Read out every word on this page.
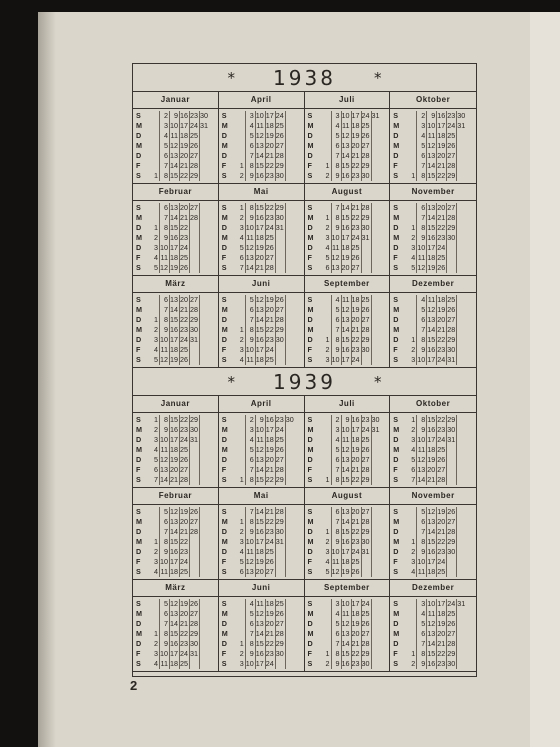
* 1938	*
Januar
S
M
D
M
D
F
S
2 9 16 23 30
3 10 17 24 31
4 11 18 25
5 12 19 26
6 13 20 27
7 14 21 28
1 8 15 22 29
April
S
M
D
M
D
F
S
3 10 17 24
4 11 18 25
5 12 19 26
6 13 20 27
7 14 21 28
1 8 15 22 29
2 9 16 23 30
Juli
S
M
D
M
D
F
S
3 10 17 24 31
4 11 18 25
5 12 19 26
6 13 20 27
7 14 21 28
1 8 15 22 29
2 9 16 23 30
Oktober
S
M
D
M
D
F
S
2 9 16 23 30
3 10 17 24 31
4 11 18 25
5 12 19 26
6 13 20 27
7 14 21 28
1 8 15 22 29
Februar
S
M
D
M
D
F
S
6 13 20 27
7 14 21 28
1 8 15 22
2 9 16 23
3 10 17 24
4 11 18 25
5 12 19 26
Mai
S
M
D
M
D
F
S
1 8 15 22 29
2 9 16 23 30
3 10 17 24 31
4 11 18 25
5 12 19 26
6 13 20 27
7 14 21 28
August
S
M
D
M
D
F
S
7 14 21 28
1 8 15 22 29
2 9 16 23 30
3 10 17 24 31
4 11 18 25
5 12 19 26
6 13 20 27
November
S
M
D
M
D
F
S
6 13 20 27
7 14 21 28
1 8 15 22 29
2 9 16 23 30
3 10 17 24
4 11 18 25
5 12 19 26
März
S
M
D
M
D
F
S
6 13 20 27
7 14 21 28
1 8 15 22 29
2 9 16 23 30
3 10 17 24 31
4 11 18 25
5 12 19 26
Juni
S
M
D
M
D
F
S
5 12 19 26
6 13 20 27
7 14 21 28
1 8 15 22 29
2 9 16 23 30
3 10 17 24
4 11 18 25
September
S
M
D
M
D
F
S
4 11 18 25
5 12 19 26
6 13 20 27
7 14 21 28
1 8 15 22 29
2 9 16 23 30
3 10 17 24
Dezember
S
M
D
M
D
F
S
4 11 18 25
5 12 19 26
6 13 20 27
7 14 21 28
1 8 15 22 29
2 9 16 23 30
3 10 17 24 31
* 1939	*
Januar
S
M
D
M
D
F
S
1 8 15 22 29
2 9 16 23 30
3 10 17 24 31
4 11 18 25
5 12 19 26
6 13 20 27
7 14 21 28
April
S
M
D
M
D
F
S
2 9 16 23 30
3 10 17 24
4 11 18 25
5 12 19 26
6 13 20 27
7 14 21 28
1 8 15 22 29
Juli
S
M
D
M
D
F
S
2 9 16 23 30
3 10 17 24 31
4 11 18 25
5 12 19 26
6 13 20 27
7 14 21 28
1 8 15 22 29
Oktober
S
M
D
M
D
F
S
1 8 15 22 29
2 9 16 23 30
3 10 17 24 31
4 11 18 25
5 12 19 26
6 13 20 27
7 14 21 28
Februar
S
M
D
M
D
F
S
5 12 19 26
6 13 20 27
7 14 21 28
1 8 15 22
2 9 16 23
3 10 17 24
4 11 18 25
Mai
S
M
D
M
D
F
S
7 14 21 28
1 8 15 22 29
2 9 16 23 30
3 10 17 24 31
4 11 18 25
5 12 19 26
6 13 20 27
August
S
M
D
M
D
F
S
6 13 20 27
7 14 21 28
1 8 15 22 29
2 9 16 23 30
3 10 17 24 31
4 11 18 25
5 12 19 26
November
S
M
D
M
D
F
S
5 12 19 26
6 13 20 27
7 14 21 28
1 8 15 22 29
2 9 16 23 30
3 10 17 24
4 11 18 25
März
S
M
D
M
D
F
S
5 12 19 26
6 13 20 27
7 14 21 28
1 8 15 22 29
2 9 16 23 30
3 10 17 24 31
4 11 18 25
Juni
S
M
D
M
D
F
S
4 11 18 25
5 12 19 26
6 13 20 27
7 14 21 28
1 8 15 22 29
2 9 16 23 30
3 10 17 24
September
S
M
D
M
D
F
S
3 10 17 24
4 11 18 25
5 12 19 26
6 13 20 27
7 14 21 28
1 8 15 22 29
2 9 16 23 30
Dezember
S
M
D
M
D
F
S
3 10 17 24 31
4 11 18 25
5 12 19 26
6 13 20 27
7 14 21 28
1 8 15 22 29
2 9 16 23 30
2
